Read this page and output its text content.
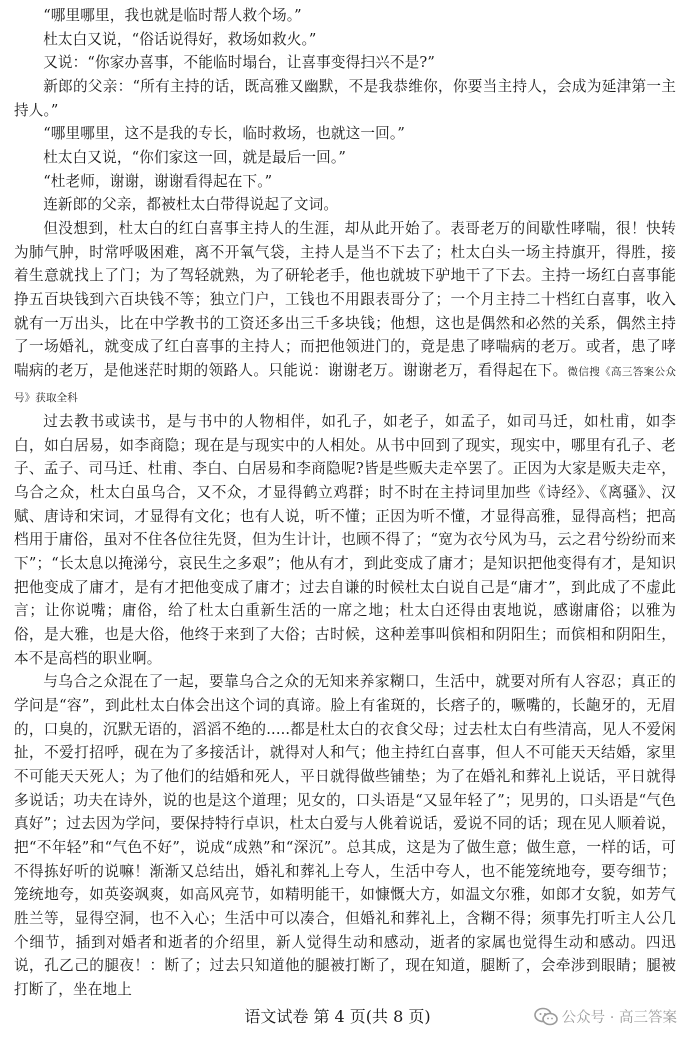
“哪里哪里，我也就是临时帮人救个场。”

杜太白又说，“俗话说得好，救场如救火。”

又说：“你家办喜事，不能临时塌台，让喜事变得扫兴不是?”

新郎的父亲：“所有主持的话，既高雅又幽默，不是我恭维你，你要当主持人，会成为延津第一主持人。”

“哪里哪里，这不是我的专长，临时救场，也就这一回。”

杜太白又说，“你们家这一回，就是最后一回。”

“杜老师，谢谢，谢谢看得起在下。”

连新郎的父亲，都被杜太白带得说起了文词。

但没想到，杜太白的红白喜事主持人的生涯，却从此开始了。表哥老万的间歇性哮喘，很！快转为肺气肿，时常呼吸困难，离不开氧气袋，主持人是当不下去了；杜太白头一场主持旗开，得胜，接着生意就找上了门；为了驾轻就熟，为了研轮老手，他也就坡下驴地干了下去。主持一场红白喜事能挣五百块钱到六百块钱不等；独立门户，工钱也不用跟表哥分了；一个月主持二十档红白喜事，收入就有一万出头，比在中学教书的工资还多出三千多块钱；他想，这也是偶然和必然的关系，偶然主持了一场婚礼，就变成了红白喜事的主持人；而把他领进门的，竟是患了哮喘病的老万。或者，患了哮喘病的老万，是他迷茫时期的领路人。只能说：谢谢老万。谢谢老万，看得起在下。微信搜《高三答案公众号》获取全科

过去教书或读书，是与书中的人物相伴，如孔子，如老子，如孟子，如司马迁，如杜甫，如李白，如白居易，如李商隐；现在是与现实中的人相处。从书中回到了现实，现实中，哪里有孔子、老子、孟子、司马迁、杜甫、李白、白居易和李商隐呢?皆是些贩夫走卒罢了。正因为大家是贩夫走卒，乌合之众，杜太白虽乌合，又不众，才显得鹤立鸡群；时不时在主持词里加些《诗经》、《离骚》、汉赋、唐诗和宋词，才显得有文化；也有人说，听不懂；正因为听不懂，才显得高雅，显得高档；把高档用于庸俗，虽对不住各位往先贤，但为生计计，也顾不得了；“宽为衣兮风为马，云之君兮纷纷而来下”；“长太息以掩涕兮，哀民生之多艰”；他从有才，到此变成了庸才；是知识把他变得有才，是知识把他变成了庸才，是有才把他变成了庸才；过去自谦的时候杜太白说自己是“庸才”，到此成了不虚此言；让你说嘴；庸俗，给了杜太白重新生活的一席之地；杜太白还得由衷地说，感谢庸俗；以雅为俗，是大雅，也是大俗，他终于来到了大俗；古时候，这种差事叫傧相和阴阳生；而傧相和阴阳生，本不是高档的职业啊。

与乌合之众混在了一起，要靠乌合之众的无知来养家糊口，生活中，就要对所有人容忍；真正的学问是“容”，到此杜太白体会出这个词的真谛。脸上有雀斑的，长瘩子的，噘嘴的，长龅牙的，无眉的，口臭的，沉默无语的，滔滔不绝的.....都是杜太白的衣食父母；过去杜太白有些清高，见人不爱闲扯，不爱打招呼，砚在为了多接活计，就得对人和气；他主持红白喜事，但人不可能天天结婚，家里不可能天天死人；为了他们的结婚和死人，平日就得做些铺垫；为了在婚礼和葬礼上说话，平日就得多说话；功夫在诗外，说的也是这个道理；见女的，口头语是“又显年轻了”；见男的，口头语是“气色真好”；过去因为学问，要保持特行卓识，杜太白爱与人佻着说话，爱说不同的话；现在见人顺着说，把“不年轻”和“气色不好”，说成“成熟”和“深沉”。总其成，这是为了做生意；做生意，一样的话，可不得拣好听的说嘛！渐渐又总结出，婚礼和葬礼上夸人，生活中夸人，也不能笼统地夸，要夸细节；笼统地夸，如英姿飒爽，如高风亮节，如精明能干，如慷慨大方，如温文尔雅，如郎才女貌，如芳气胜兰等，显得空洞，也不入心；生活中可以凑合，但婚礼和葬礼上，含糊不得；须事先打听主人公几个细节，插到对婚者和逝者的介绍里，新人觉得生动和感动，逝者的家属也觉得生动和感动。四迅说，孔乙己的腿夜！：断了；过去只知道他的腿被打断了，现在知道，腿断了，会牵涉到眼睛；腿被打断了，坐在地上

语文试卷 第 4 页(共 8 页)	公众号 · 高三答案
